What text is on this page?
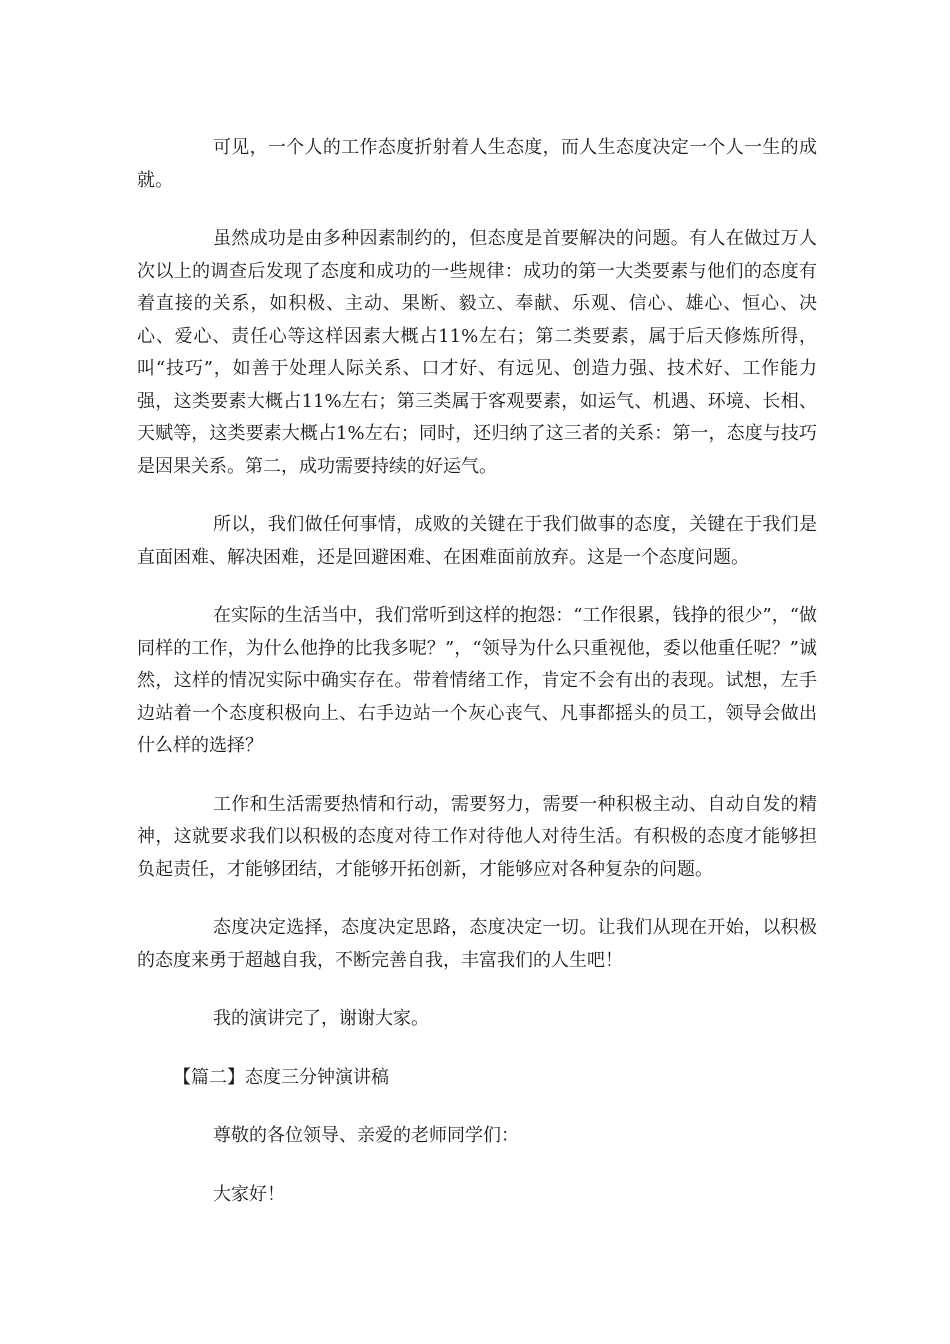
可见，一个人的工作态度折射着人生态度，而人生态度决定一个人一生的成就。

虽然成功是由多种因素制约的，但态度是首要解决的问题。有人在做过万人次以上的调查后发现了态度和成功的一些规律：成功的第一大类要素与他们的态度有着直接的关系，如积极、主动、果断、毅立、奉献、乐观、信心、雄心、恒心、决心、爱心、责任心等这样因素大概占11%左右；第二类要素，属于后天修炼所得，叫“技巧”，如善于处理人际关系、口才好、有远见、创造力强、技术好、工作能力强，这类要素大概占11%左右；第三类属于客观要素，如运气、机遇、环境、长相、天赋等，这类要素大概占1%左右；同时，还归纳了这三者的关系：第一，态度与技巧是因果关系。第二，成功需要持续的好运气。

所以，我们做任何事情，成败的关键在于我们做事的态度，关键在于我们是直面困难、解决困难，还是回避困难、在困难面前放弃。这是一个态度问题。

在实际的生活当中，我们常听到这样的抱怨：“工作很累，钱挣的很少”，“做同样的工作，为什么他挣的比我多呢？”，“领导为什么只重视他，委以他重任呢？”诚然，这样的情况实际中确实存在。带着情绪工作，肯定不会有出的表现。试想，左手边站着一个态度积极向上、右手边站一个灰心丧气、凡事都摇头的员工，领导会做出什么样的选择？

工作和生活需要热情和行动，需要努力，需要一种积极主动、自动自发的精神，这就要求我们以积极的态度对待工作对待他人对待生活。有积极的态度才能够担负起责任，才能够团结，才能够开拓创新，才能够应对各种复杂的问题。

态度决定选择，态度决定思路，态度决定一切。让我们从现在开始，以积极的态度来勇于超越自我，不断完善自我，丰富我们的人生吧！

我的演讲完了，谢谢大家。

【篇二】态度三分钟演讲稿

尊敬的各位领导、亲爱的老师同学们：

大家好！
